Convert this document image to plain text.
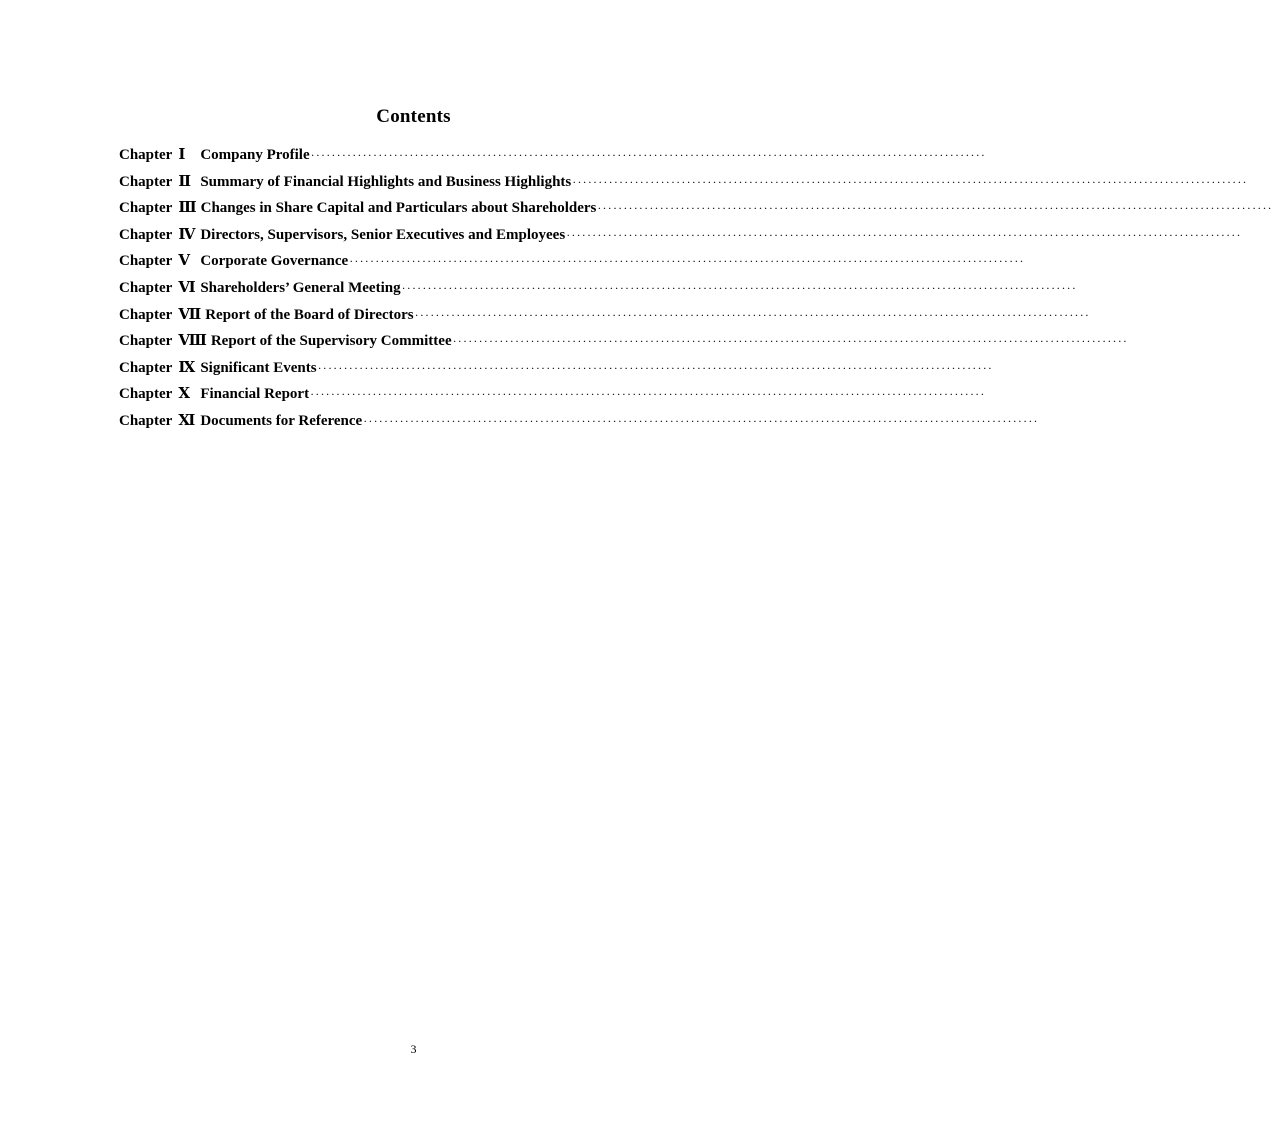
Contents
Chapter Ⅰ Company Profile
·····
Chapter Ⅱ Summary of Financial Highlights and Business Highlights
·····
Chapter Ⅲ Changes in Share Capital and Particulars about Shareholders
·····
Chapter Ⅳ Directors, Supervisors, Senior Executives and Employees
·····
Chapter Ⅴ Corporate Governance
·····
Chapter Ⅵ Shareholders’ General Meeting
·····
Chapter Ⅶ Report of the Board of Directors
·····
Chapter Ⅷ Report of the Supervisory Committee
·····
Chapter Ⅸ Significant Events
·····
Chapter Ⅹ Financial Report
·····
Chapter Ⅺ Documents for Reference
·····
3
